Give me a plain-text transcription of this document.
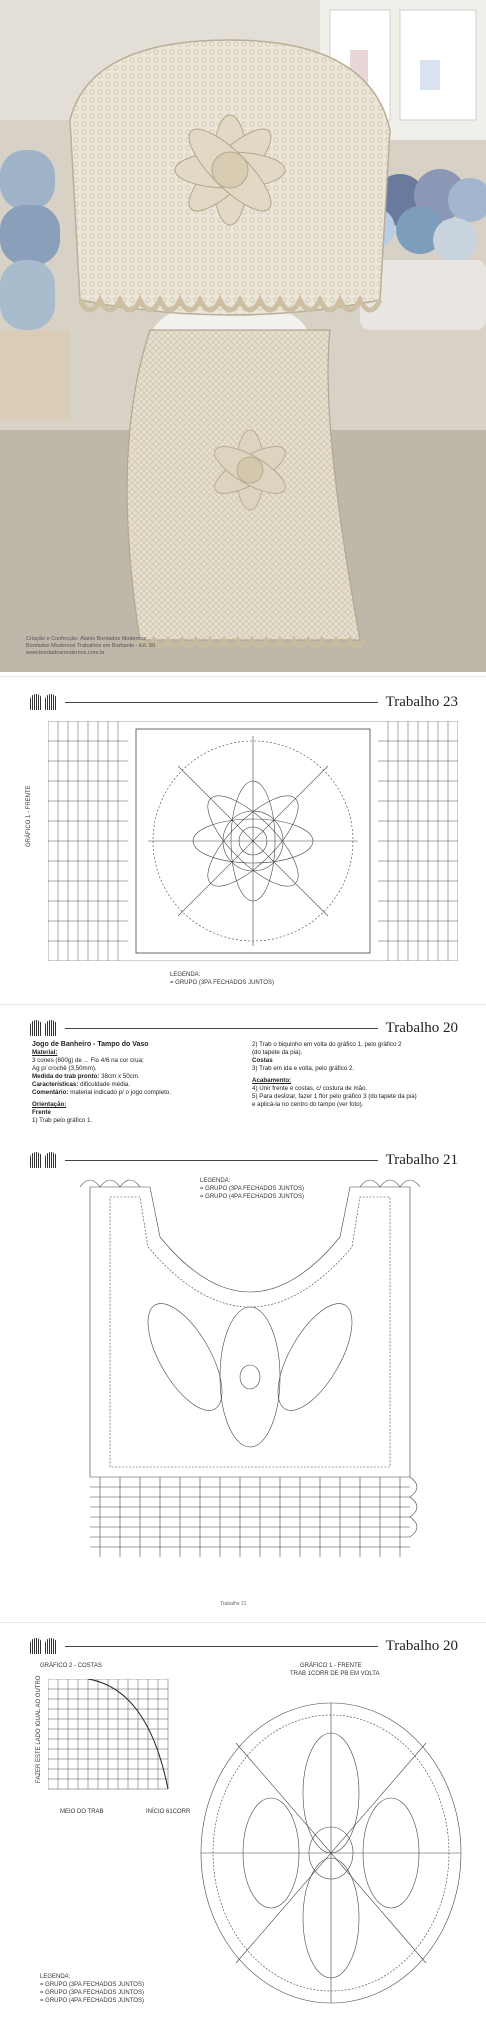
Criação e Confecção: Alanis Bordados Modernos
Bordados Modernos Trabalhos em Barbante - Ed. 80
www.bordadosmodernos.com.br
Trabalho 23
GRÁFICO 1 - FRENTE
LEGENDA:
= GRUPO (3PA FECHADOS JUNTOS)
Trabalho 20
Jogo de Banheiro - Tampo do Vaso
Material:
3 cones (800g) de ... Fio 4/6 na cor crua;
Ag p/ crochê (3,50mm).
Medida do trab pronto: 38cm x 50cm.
Características: dificuldade média.
Comentário: material indicado p/ o jogo completo.
Orientação:
Frente
1) Trab pelo gráfico 1.
2) Trab o biquinho em volta do gráfico 1, pelo gráfico 2
(do tapete da pia).
Costas
3) Trab em ida e volta, pelo gráfico 2.
Acabamento:
4) Unir frente e costas, c/ costura de mão.
5) Para deslizar, fazer 1 flor pelo gráfico 3 (do tapete da pia)
e aplicá-la no centro do tampo (ver foto).
Trabalho 21
LEGENDA:
= GRUPO (3PA FECHADOS JUNTOS)
= GRUPO (4PA FECHADOS JUNTOS)
Trabalho 21
Trabalho 20
GRÁFICO 2 - COSTAS	GRÁFICO 1 - FRENTE
TRAB 1CORR DE PB EM VOLTA
FAZER ESTE LADO IGUAL AO OUTRO
MEIO DO TRAB	INÍCIO 61CORR
LEGENDA:
= GRUPO (3PA FECHADOS JUNTOS)
= GRUPO (3PA FECHADOS JUNTOS)
= GRUPO (4PA FECHADOS JUNTOS)
